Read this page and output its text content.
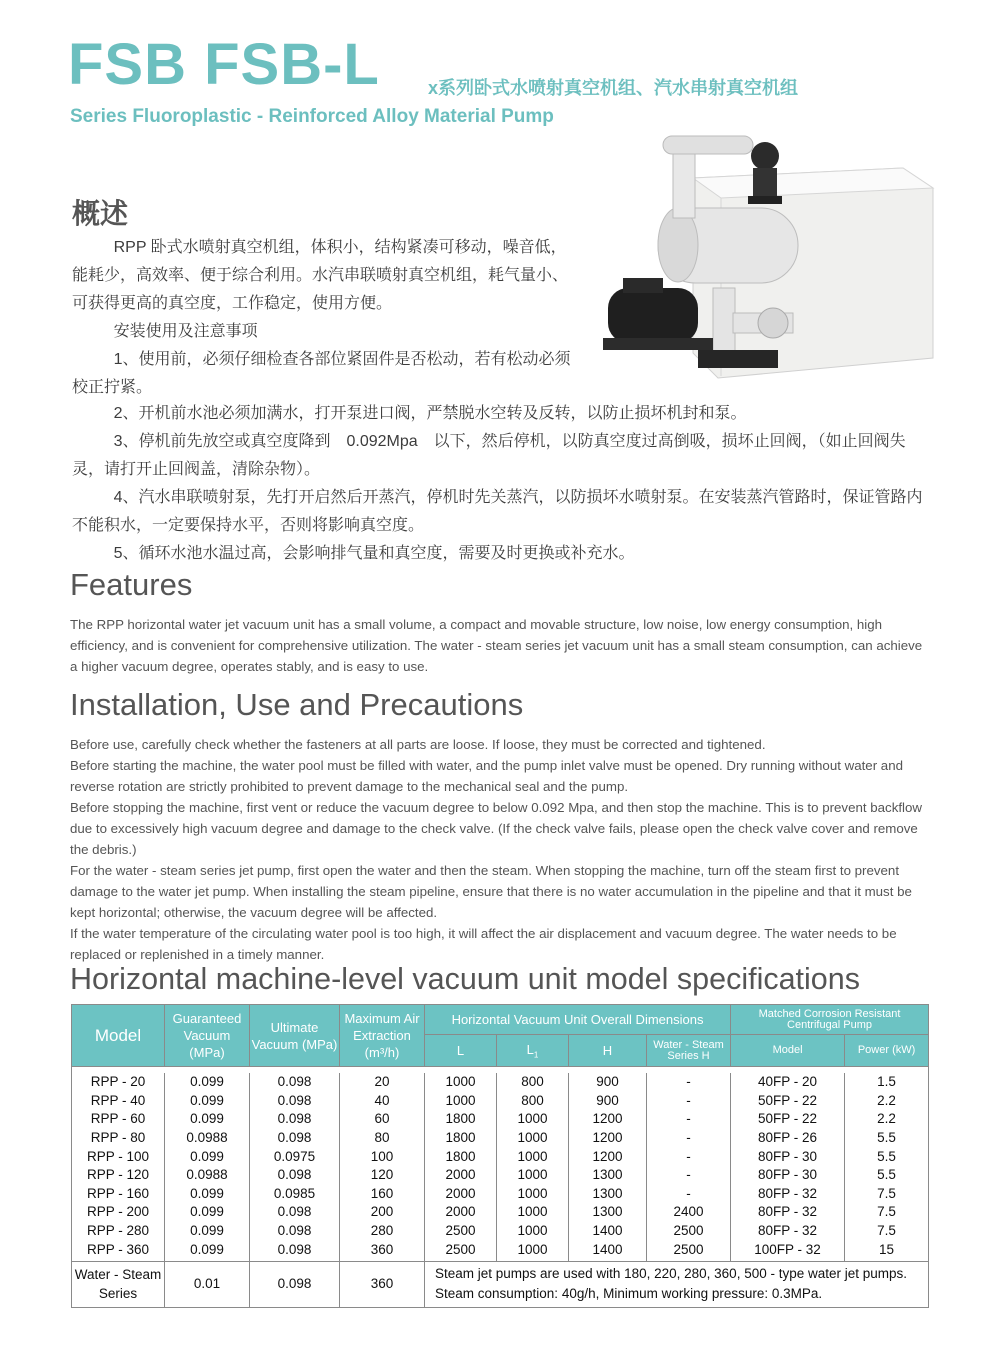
FSB FSB-L	x系列卧式水喷射真空机组、汽水串射真空机组
Series Fluoroplastic - Reinforced Alloy Material Pump
概述

RPP 卧式水喷射真空机组，体积小，结构紧凑可移动，噪音低，能耗少，高效率、便于综合利用。水汽串联喷射真空机组，耗气量小、可获得更高的真空度，工作稳定，使用方便。

安装使用及注意事项

1、使用前，必须仔细检查各部位紧固件是否松动，若有松动必须校正拧紧。

2、开机前水池必须加满水，打开泵进口阀，严禁脱水空转及反转，以防止损坏机封和泵。

3、停机前先放空或真空度降到　0.092Mpa　以下，然后停机，以防真空度过高倒吸，损坏止回阀，（如止回阀失灵，请打开止回阀盖，清除杂物）。

4、汽水串联喷射泵，先打开启然后开蒸汽，停机时先关蒸汽，以防损坏水喷射泵。在安装蒸汽管路时，保证管路内不能积水，一定要保持水平，否则将影响真空度。

5、循环水池水温过高，会影响排气量和真空度，需要及时更换或补充水。

Features

The RPP horizontal water jet vacuum unit has a small volume, a compact and movable structure, low noise, low energy consumption, high efficiency, and is convenient for comprehensive utilization. The water - steam series jet vacuum unit has a small steam consumption, can achieve a higher vacuum degree, operates stably, and is easy to use.

Installation, Use and Precautions

Before use, carefully check whether the fasteners at all parts are loose. If loose, they must be corrected and tightened.

Before starting the machine, the water pool must be filled with water, and the pump inlet valve must be opened. Dry running without water and reverse rotation are strictly prohibited to prevent damage to the mechanical seal and the pump.

Before stopping the machine, first vent or reduce the vacuum degree to below 0.092 Mpa, and then stop the machine. This is to prevent backflow due to excessively high vacuum degree and damage to the check valve. (If the check valve fails, please open the check valve cover and remove the debris.)

For the water - steam series jet pump, first open the water and then the steam. When stopping the machine, turn off the steam first to prevent damage to the water jet pump. When installing the steam pipeline, ensure that there is no water accumulation in the pipeline and that it must be kept horizontal; otherwise, the vacuum degree will be affected.

If the water temperature of the circulating water pool is too high, it will affect the air displacement and vacuum degree. The water needs to be replaced or replenished in a timely manner.

Horizontal machine-level vacuum unit model specifications
Model	Guaranteed Vacuum (MPa)	Ultimate Vacuum (MPa)	Maximum Air Extraction
(m³/h)	Horizontal Vacuum Unit Overall Dimensions				Matched Corrosion Resistant Centrifugal Pump	
				L	$L_1$	H	Water - Steam Series H	Model	Power (kW)

RPP - 20	0.099	0.098	20	1000	800	900	-	40FP - 20	1.5
RPP - 40	0.099	0.098	40	1000	800	900	-	50FP - 22	2.2
RPP - 60	0.099	0.098	60	1800	1000	1200	-	50FP - 22	2.2
RPP - 80	0.0988	0.098	80	1800	1000	1200	-	80FP - 26	5.5
RPP - 100	0.099	0.0975	100	1800	1000	1200	-	80FP - 30	5.5
RPP - 120	0.0988	0.098	120	2000	1000	1300	-	80FP - 30	5.5
RPP - 160	0.099	0.0985	160	2000	1000	1300	-	80FP - 32	7.5
RPP - 200	0.099	0.098	200	2000	1000	1300	2400	80FP - 32	7.5
RPP - 280	0.099	0.098	280	2500	1000	1400	2500	80FP - 32	7.5
RPP - 360	0.099	0.098	360	2500	1000	1400	2500	100FP - 32	15
Water - Steam Series	0.01	0.098	360	Steam jet pumps are used with 180, 220, 280, 360, 500 - type water jet pumps.
Steam consumption: 40g/h, Minimum working pressure: 0.3MPa.					
